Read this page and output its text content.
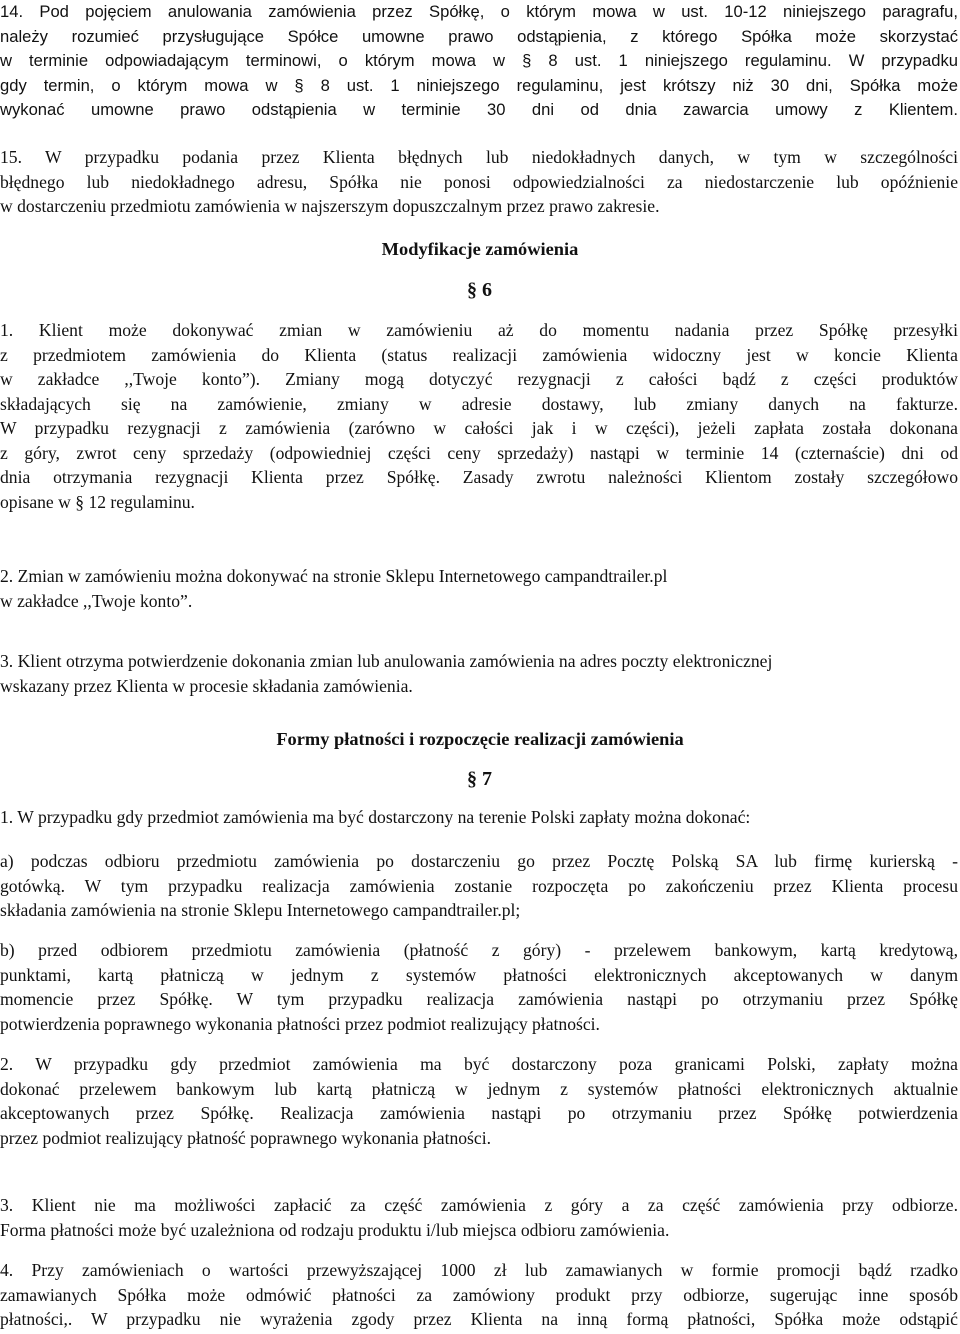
14. Pod pojęciem anulowania zamówienia przez Spółkę, o którym mowa w ust. 10-12 niniejszego paragrafu,
należy rozumieć przysługujące Spółce umowne prawo odstąpienia, z którego Spółka może skorzystać
w terminie odpowiadającym terminowi, o którym mowa w § 8 ust. 1 niniejszego regulaminu. W przypadku
gdy termin, o którym mowa w § 8 ust. 1 niniejszego regulaminu, jest krótszy niż 30 dni, Spółka może
wykonać umowne prawo odstąpienia w terminie 30 dni od dnia zawarcia umowy z Klientem.
15. W przypadku podania przez Klienta błędnych lub niedokładnych danych, w tym w szczególności
błędnego lub niedokładnego adresu, Spółka nie ponosi odpowiedzialności za niedostarczenie lub opóźnienie
w dostarczeniu przedmiotu zamówienia w najszerszym dopuszczalnym przez prawo zakresie.
Modyfikacje zamówienia
§ 6
1. Klient może dokonywać zmian w zamówieniu aż do momentu nadania przez Spółkę przesyłki
z przedmiotem zamówienia do Klienta (status realizacji zamówienia widoczny jest w koncie Klienta
w zakładce ,,Twoje konto”). Zmiany mogą dotyczyć rezygnacji z całości bądź z części produktów
składających się na zamówienie, zmiany w adresie dostawy, lub zmiany danych na fakturze.
W przypadku rezygnacji z zamówienia (zarówno w całości jak i w części), jeżeli zapłata została dokonana
z góry, zwrot ceny sprzedaży (odpowiedniej części ceny sprzedaży) nastąpi w terminie 14 (czternaście) dni od
dnia otrzymania rezygnacji Klienta przez Spółkę. Zasady zwrotu należności Klientom zostały szczegółowo
opisane w § 12 regulaminu.
2. Zmian w zamówieniu można dokonywać na stronie Sklepu Internetowego campandtrailer.pl
w zakładce ,,Twoje konto”.
3. Klient otrzyma potwierdzenie dokonania zmian lub anulowania zamówienia na adres poczty elektronicznej
wskazany przez Klienta w procesie składania zamówienia.
Formy płatności i rozpoczęcie realizacji zamówienia
§ 7
1. W przypadku gdy przedmiot zamówienia ma być dostarczony na terenie Polski zapłaty można dokonać:
a) podczas odbioru przedmiotu zamówienia po dostarczeniu go przez Pocztę Polską SA lub firmę kurierską -
gotówką. W tym przypadku realizacja zamówienia zostanie rozpoczęta po zakończeniu przez Klienta procesu
składania zamówienia na stronie Sklepu Internetowego campandtrailer.pl;
b) przed odbiorem przedmiotu zamówienia (płatność z góry) - przelewem bankowym, kartą kredytową,
punktami, kartą płatniczą w jednym z systemów płatności elektronicznych akceptowanych w danym
momencie przez Spółkę. W tym przypadku realizacja zamówienia nastąpi po otrzymaniu przez Spółkę
potwierdzenia poprawnego wykonania płatności przez podmiot realizujący płatności.
2. W przypadku gdy przedmiot zamówienia ma być dostarczony poza granicami Polski, zapłaty można
dokonać przelewem bankowym lub kartą płatniczą w jednym z systemów płatności elektronicznych aktualnie
akceptowanych przez Spółkę. Realizacja zamówienia nastąpi po otrzymaniu przez Spółkę potwierdzenia
przez podmiot realizujący płatność poprawnego wykonania płatności.
3. Klient nie ma możliwości zapłacić za część zamówienia z góry a za część zamówienia przy odbiorze.
Forma płatności może być uzależniona od rodzaju produktu i/lub miejsca odbioru zamówienia.
4. Przy zamówieniach o wartości przewyższającej 1000 zł lub zamawianych w formie promocji bądź rzadko
zamawianych Spółka może odmówić płatności za zamówiony produkt przy odbiorze, sugerując inne sposób
płatności,. W przypadku nie wyrażenia zgody przez Klienta na inną formą płatności, Spółka może odstąpić
